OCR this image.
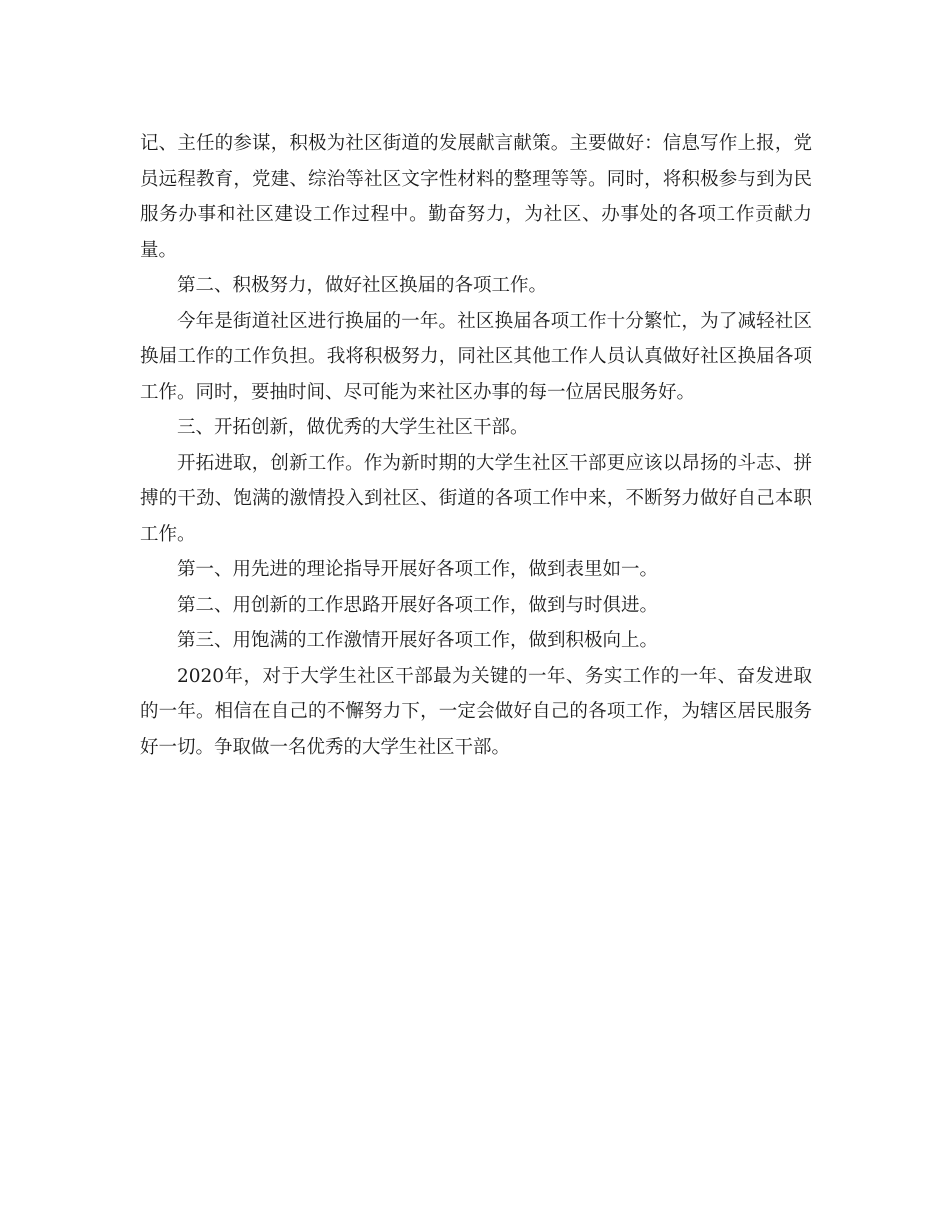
记、主任的参谋，积极为社区街道的发展献言献策。主要做好：信息写作上报，党员远程教育，党建、综治等社区文字性材料的整理等等。同时，将积极参与到为民服务办事和社区建设工作过程中。勤奋努力，为社区、办事处的各项工作贡献力量。

第二、积极努力，做好社区换届的各项工作。

今年是街道社区进行换届的一年。社区换届各项工作十分繁忙，为了减轻社区换届工作的工作负担。我将积极努力，同社区其他工作人员认真做好社区换届各项工作。同时，要抽时间、尽可能为来社区办事的每一位居民服务好。

三、开拓创新，做优秀的大学生社区干部。

开拓进取，创新工作。作为新时期的大学生社区干部更应该以昂扬的斗志、拼搏的干劲、饱满的激情投入到社区、街道的各项工作中来，不断努力做好自己本职工作。

第一、用先进的理论指导开展好各项工作，做到表里如一。

第二、用创新的工作思路开展好各项工作，做到与时俱进。

第三、用饱满的工作激情开展好各项工作，做到积极向上。

2020年，对于大学生社区干部最为关键的一年、务实工作的一年、奋发进取的一年。相信在自己的不懈努力下，一定会做好自己的各项工作，为辖区居民服务好一切。争取做一名优秀的大学生社区干部。
